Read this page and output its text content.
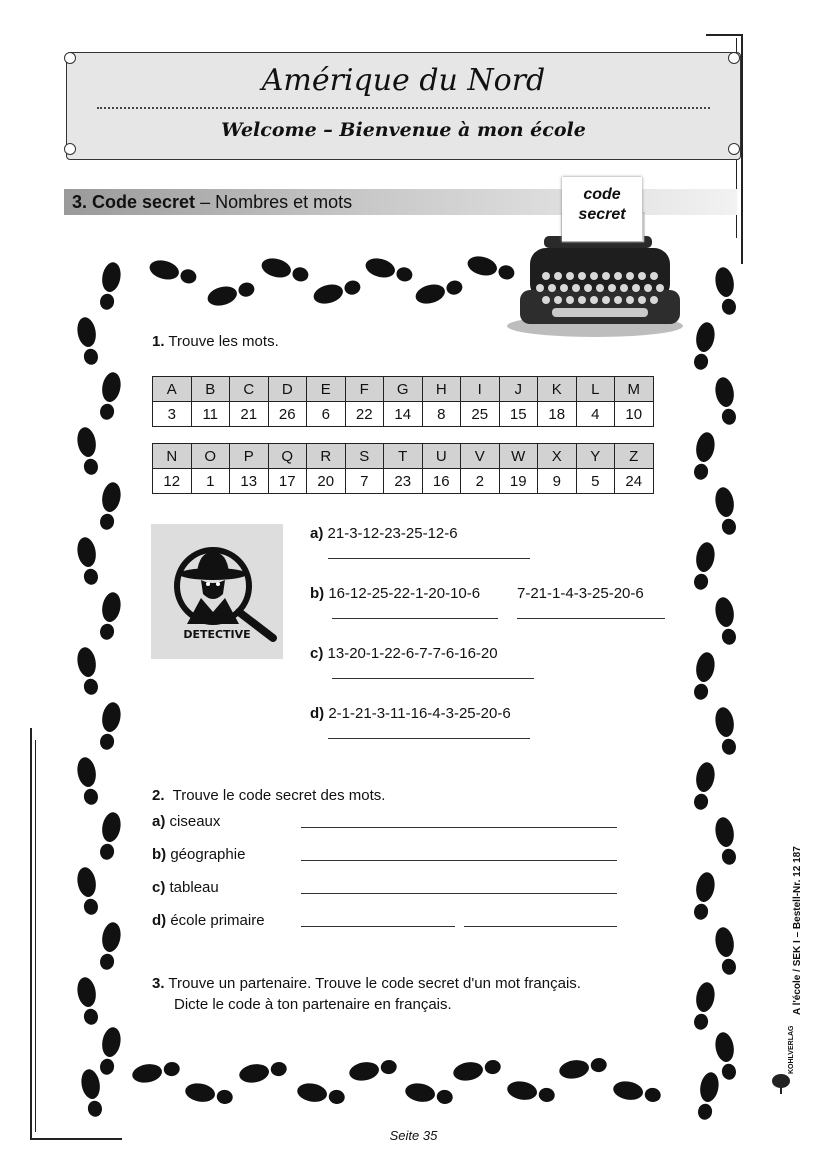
Amérique du Nord
Welcome – Bienvenue à mon école
3. Code secret – Nombres et mots	code
secret
1. Trouve les mots.
A	B	C	D	E	F	G	H	I	J	K	L	M
3	11	21	26	6	22	14	8	25	15	18	4	10
N	O	P	Q	R	S	T	U	V	W	X	Y	Z
12	1	13	17	20	7	23	16	2	19	9	5	24
DETECTIVE
a) 21-3-12-23-25-12-6
b) 16-12-25-22-1-20-10-6 7-21-1-4-3-25-20-6
c) 13-20-1-22-6-7-7-6-16-20
d) 2-1-21-3-11-16-4-3-25-20-6
2. Trouve le code secret des mots.
a) ciseaux
b) géographie
c) tableau
d) école primaire
3. Trouve un partenaire. Trouve le code secret d'un mot français.
Dicte le code à ton partenaire en français.	A l'école / SEK I – Bestell-Nr. 12 187
KOHLVERLAG
Seite 35
